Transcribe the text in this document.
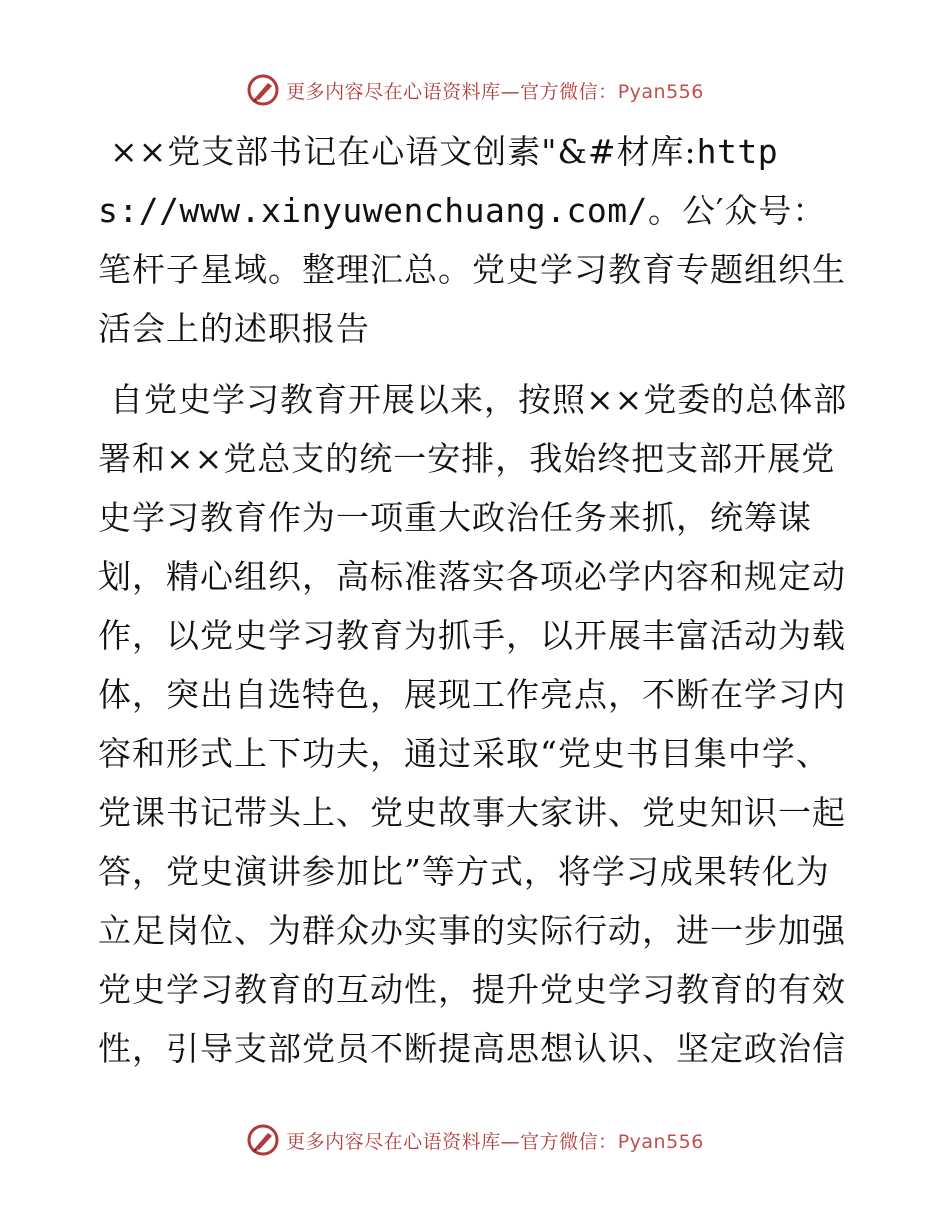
更多内容尽在心语资料库—官方微信：Pyan556

××党支部书记在心语文创素"&#材库:https://www.xinyuwenchuang.com/。公′众号：笔杆子星域。整理汇总。党史学习教育专题组织生活会上的述职报告

自党史学习教育开展以来，按照××党委的总体部署和××党总支的统一安排，我始终把支部开展党史学习教育作为一项重大政治任务来抓，统筹谋划，精心组织，高标准落实各项必学内容和规定动作，以党史学习教育为抓手，以开展丰富活动为载体，突出自选特色，展现工作亮点，不断在学习内容和形式上下功夫，通过采取“党史书目集中学、党课书记带头上、党史故事大家讲、党史知识一起答，党史演讲参加比”等方式，将学习成果转化为立足岗位、为群众办实事的实际行动，进一步加强党史学习教育的互动性，提升党史学习教育的有效性，引导支部党员不断提高思想认识、坚定政治信

更多内容尽在心语资料库—官方微信：Pyan556
